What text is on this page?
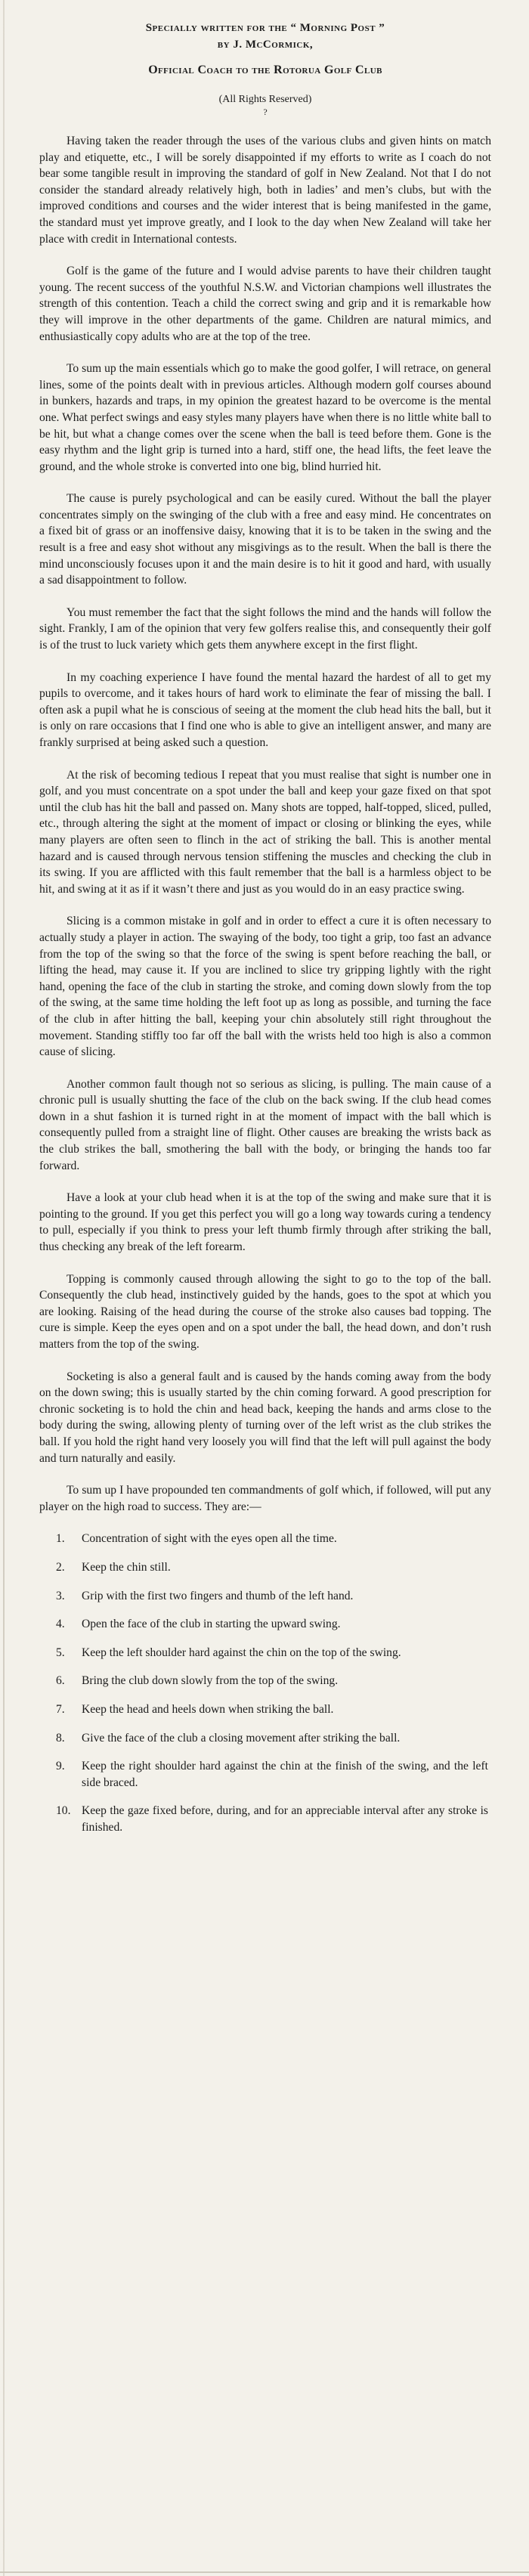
Specially written for the “ Morning Post ”
by J. McCormick,
Official Coach to the Rotorua Golf Club
(All Rights Reserved)
?

Having taken the reader through the uses of the various clubs and given hints on match play and etiquette, etc., I will be sorely disappointed if my efforts to write as I coach do not bear some tangible result in improving the standard of golf in New Zealand. Not that I do not consider the standard already relatively high, both in ladies’ and men’s clubs, but with the improved conditions and courses and the wider interest that is being manifested in the game, the standard must yet improve greatly, and I look to the day when New Zealand will take her place with credit in International contests.

Golf is the game of the future and I would advise parents to have their children taught young. The recent success of the youthful N.S.W. and Victorian champions well illustrates the strength of this contention. Teach a child the correct swing and grip and it is remarkable how they will improve in the other departments of the game. Children are natural mimics, and enthusiastically copy adults who are at the top of the tree.

To sum up the main essentials which go to make the good golfer, I will retrace, on general lines, some of the points dealt with in previous articles. Although modern golf courses abound in bunkers, hazards and traps, in my opinion the greatest hazard to be overcome is the mental one. What perfect swings and easy styles many players have when there is no little white ball to be hit, but what a change comes over the scene when the ball is teed before them. Gone is the easy rhythm and the light grip is turned into a hard, stiff one, the head lifts, the feet leave the ground, and the whole stroke is converted into one big, blind hurried hit.

The cause is purely psychological and can be easily cured. Without the ball the player concentrates simply on the swinging of the club with a free and easy mind. He concentrates on a fixed bit of grass or an inoffensive daisy, knowing that it is to be taken in the swing and the result is a free and easy shot without any misgivings as to the result. When the ball is there the mind unconsciously focuses upon it and the main desire is to hit it good and hard, with usually a sad disappointment to follow.

You must remember the fact that the sight follows the mind and the hands will follow the sight. Frankly, I am of the opinion that very few golfers realise this, and consequently their golf is of the trust to luck variety which gets them anywhere except in the first flight.

In my coaching experience I have found the mental hazard the hardest of all to get my pupils to overcome, and it takes hours of hard work to eliminate the fear of missing the ball. I often ask a pupil what he is conscious of seeing at the moment the club head hits the ball, but it is only on rare occasions that I find one who is able to give an intelligent answer, and many are frankly surprised at being asked such a question.

At the risk of becoming tedious I repeat that you must realise that sight is number one in golf, and you must concentrate on a spot under the ball and keep your gaze fixed on that spot until the club has hit the ball and passed on. Many shots are topped, half-topped, sliced, pulled, etc., through altering the sight at the moment of impact or closing or blinking the eyes, while many players are often seen to flinch in the act of striking the ball. This is another mental hazard and is caused through nervous tension stiffening the muscles and checking the club in its swing. If you are afflicted with this fault remember that the ball is a harmless object to be hit, and swing at it as if it wasn’t there and just as you would do in an easy practice swing.

Slicing is a common mistake in golf and in order to effect a cure it is often necessary to actually study a player in action. The swaying of the body, too tight a grip, too fast an advance from the top of the swing so that the force of the swing is spent before reaching the ball, or lifting the head, may cause it. If you are inclined to slice try gripping lightly with the right hand, opening the face of the club in starting the stroke, and coming down slowly from the top of the swing, at the same time holding the left foot up as long as possible, and turning the face of the club in after hitting the ball, keeping your chin absolutely still right throughout the movement. Standing stiffly too far off the ball with the wrists held too high is also a common cause of slicing.

Another common fault though not so serious as slicing, is pulling. The main cause of a chronic pull is usually shutting the face of the club on the back swing. If the club head comes down in a shut fashion it is turned right in at the moment of impact with the ball which is consequently pulled from a straight line of flight. Other causes are breaking the wrists back as the club strikes the ball, smothering the ball with the body, or bringing the hands too far forward.

Have a look at your club head when it is at the top of the swing and make sure that it is pointing to the ground. If you get this perfect you will go a long way towards curing a tendency to pull, especially if you think to press your left thumb firmly through after striking the ball, thus checking any break of the left forearm.

Topping is commonly caused through allowing the sight to go to the top of the ball. Consequently the club head, instinctively guided by the hands, goes to the spot at which you are looking. Raising of the head during the course of the stroke also causes bad topping. The cure is simple. Keep the eyes open and on a spot under the ball, the head down, and don’t rush matters from the top of the swing.

Socketing is also a general fault and is caused by the hands coming away from the body on the down swing; this is usually started by the chin coming forward. A good prescription for chronic socketing is to hold the chin and head back, keeping the hands and arms close to the body during the swing, allowing plenty of turning over of the left wrist as the club strikes the ball. If you hold the right hand very loosely you will find that the left will pull against the body and turn naturally and easily.

To sum up I have propounded ten commandments of golf which, if followed, will put any player on the high road to success. They are:—

1.	Concentration of sight with the eyes open all the time.
2.	Keep the chin still.
3.	Grip with the first two fingers and thumb of the left hand.
4.	Open the face of the club in starting the upward swing.
5.	Keep the left shoulder hard against the chin on the top of the swing.
6.	Bring the club down slowly from the top of the swing.
7.	Keep the head and heels down when striking the ball.
8.	Give the face of the club a closing movement after striking the ball.
9.	Keep the right shoulder hard against the chin at the finish of the swing, and the left side braced.
10. Keep the gaze fixed before, during, and for an appreciable interval after any stroke is finished.
